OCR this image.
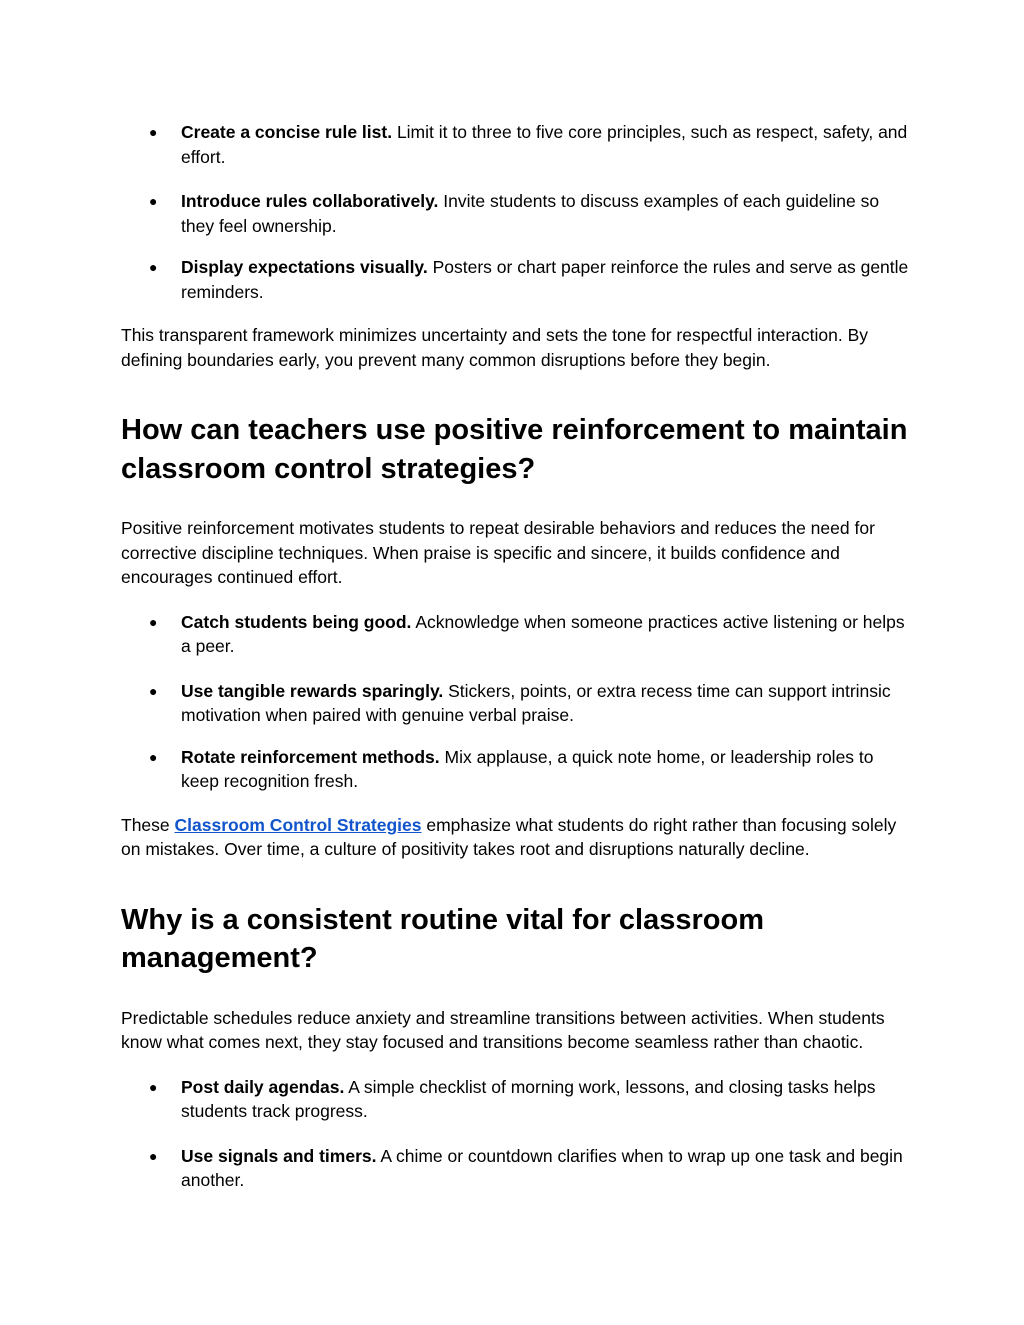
● Create a concise rule list. Limit it to three to five core principles, such as respect, safety, and effort.
● Introduce rules collaboratively. Invite students to discuss examples of each guideline so they feel ownership.
● Display expectations visually. Posters or chart paper reinforce the rules and serve as gentle reminders.

This transparent framework minimizes uncertainty and sets the tone for respectful interaction. By defining boundaries early, you prevent many common disruptions before they begin.

How can teachers use positive reinforcement to maintain classroom control strategies?

Positive reinforcement motivates students to repeat desirable behaviors and reduces the need for corrective discipline techniques. When praise is specific and sincere, it builds confidence and encourages continued effort.

● Catch students being good. Acknowledge when someone practices active listening or helps a peer.
● Use tangible rewards sparingly. Stickers, points, or extra recess time can support intrinsic motivation when paired with genuine verbal praise.
● Rotate reinforcement methods. Mix applause, a quick note home, or leadership roles to keep recognition fresh.

These Classroom Control Strategies emphasize what students do right rather than focusing solely on mistakes. Over time, a culture of positivity takes root and disruptions naturally decline.

Why is a consistent routine vital for classroom management?

Predictable schedules reduce anxiety and streamline transitions between activities. When students know what comes next, they stay focused and transitions become seamless rather than chaotic.

● Post daily agendas. A simple checklist of morning work, lessons, and closing tasks helps students track progress.
● Use signals and timers. A chime or countdown clarifies when to wrap up one task and begin another.
